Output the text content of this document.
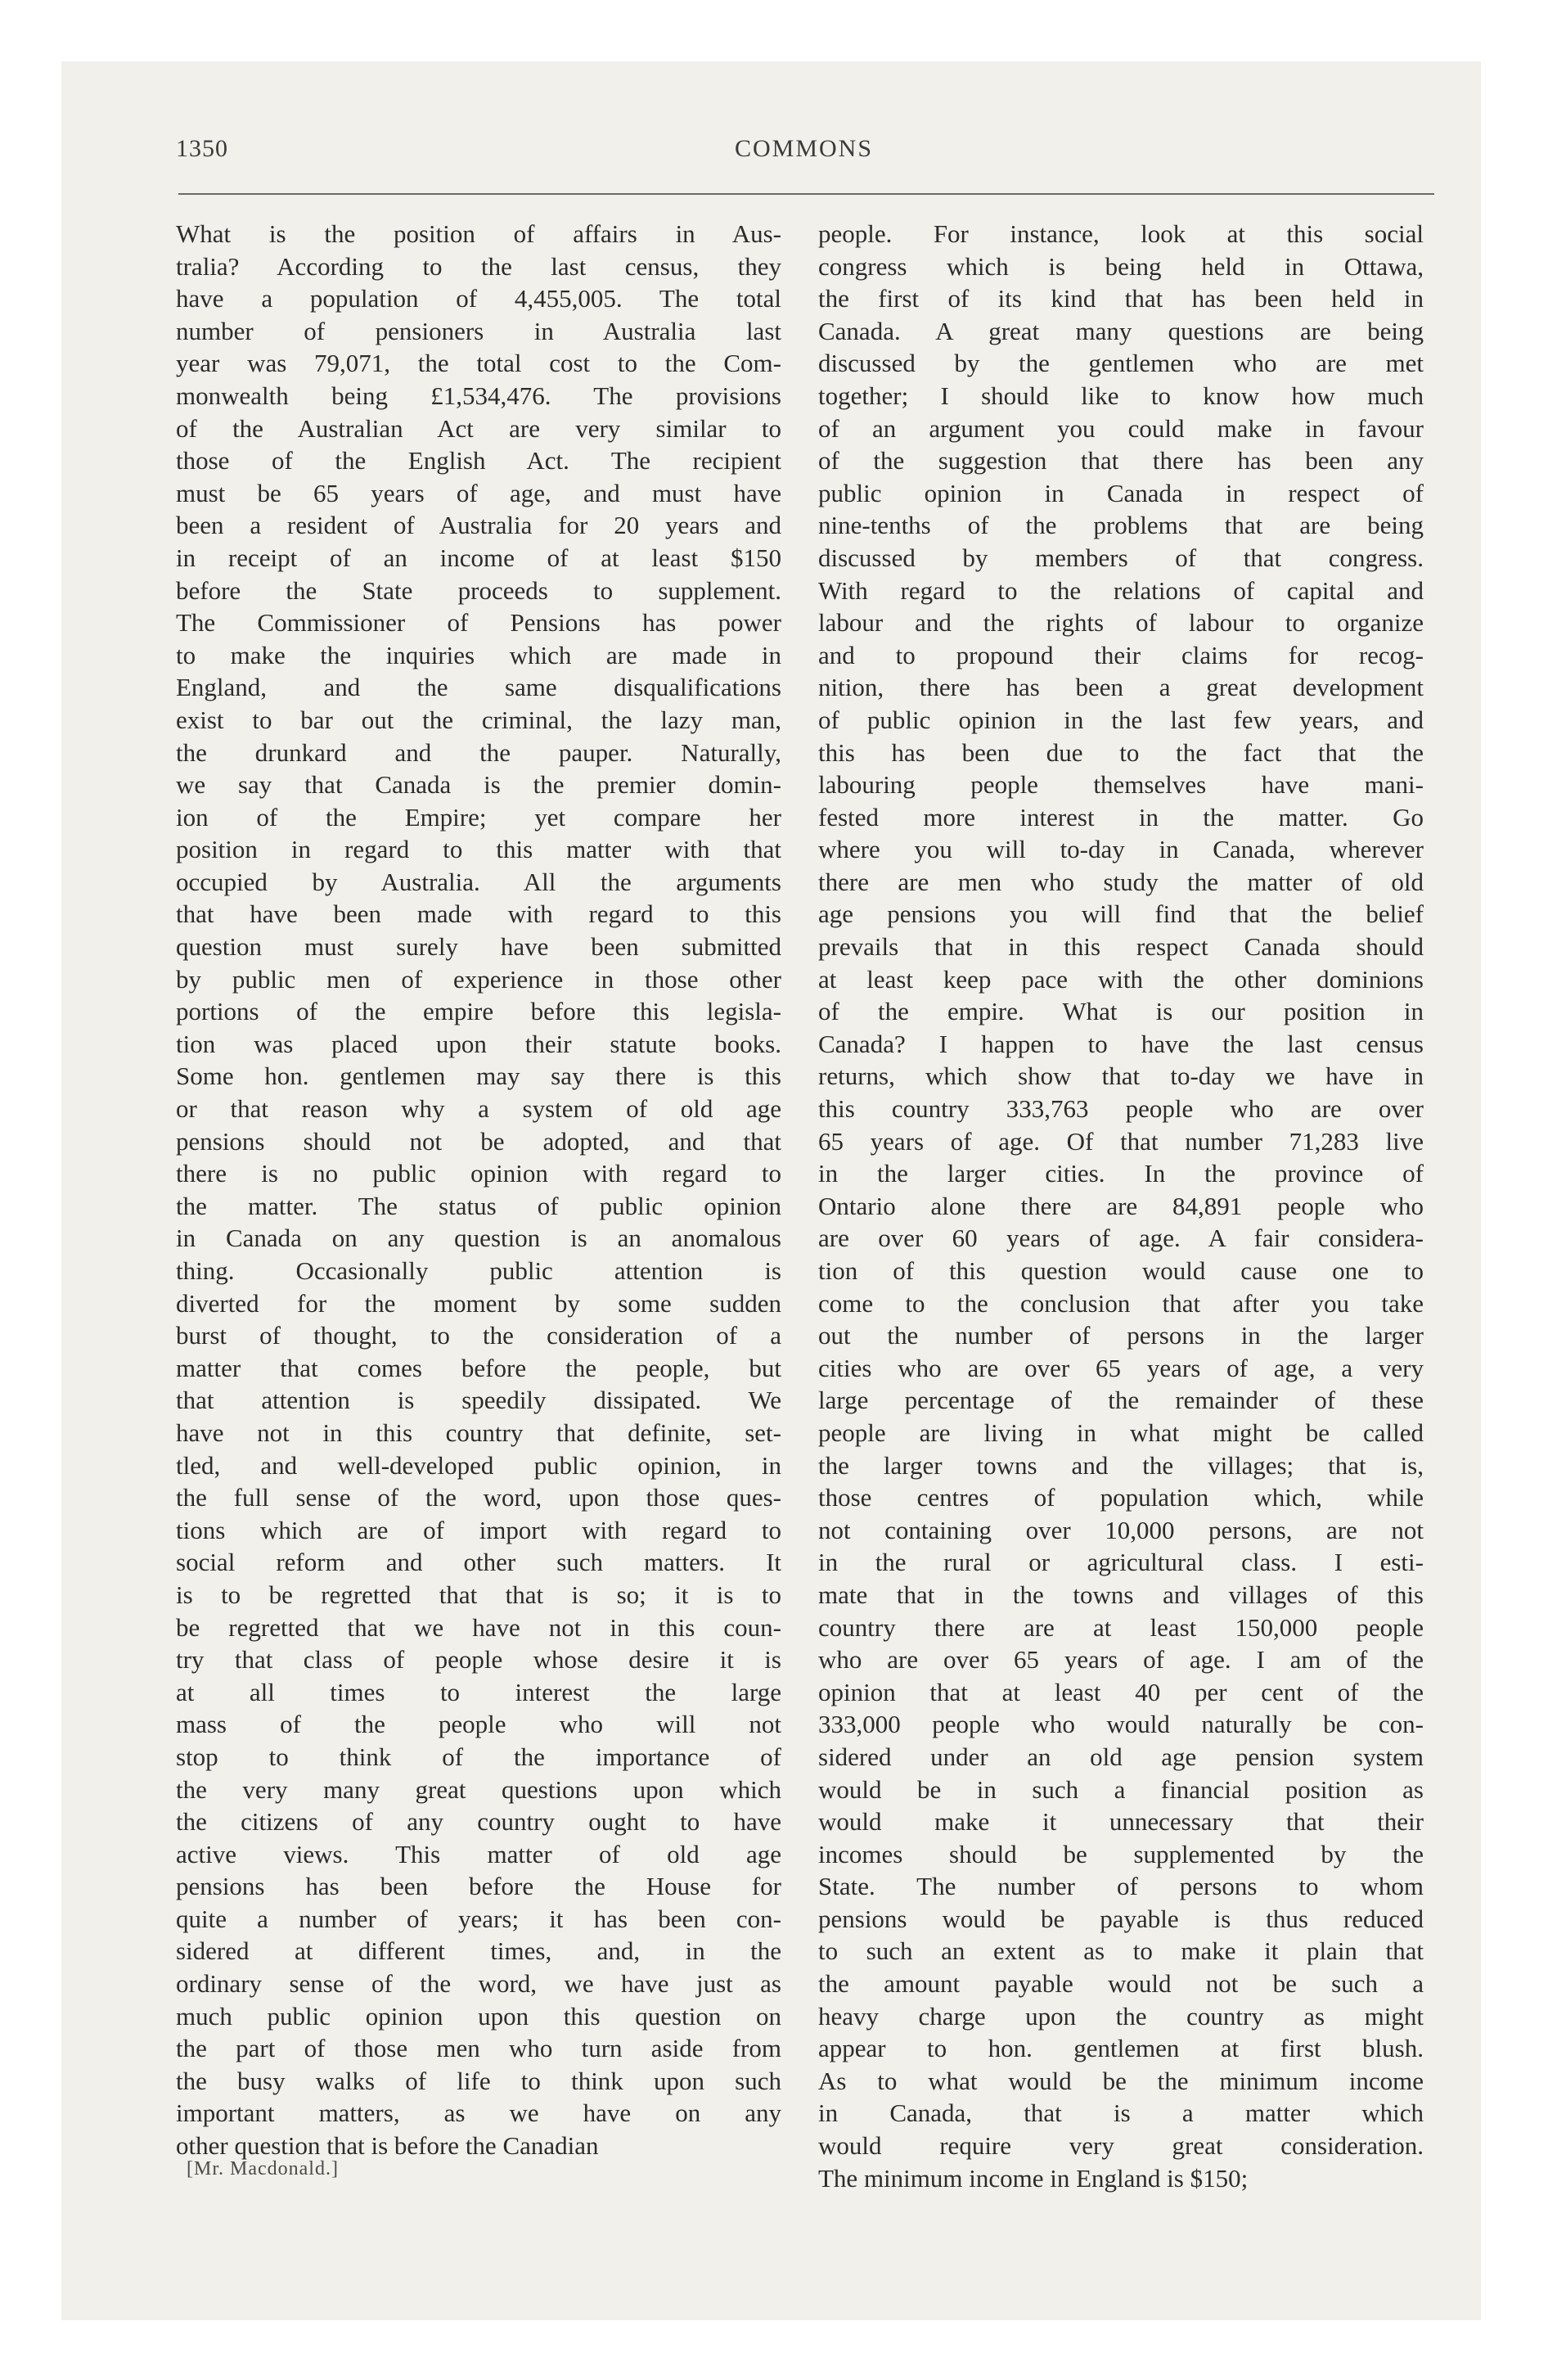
1350	COMMONS
What is the position of affairs in Aus-
tralia? According to the last census, they
have a population of 4,455,005. The total
number of pensioners in Australia last
year was 79,071, the total cost to the Com-
monwealth being £1,534,476. The provisions
of the Australian Act are very similar to
those of the English Act. The recipient
must be 65 years of age, and must have
been a resident of Australia for 20 years and
in receipt of an income of at least $150
before the State proceeds to supplement.
The Commissioner of Pensions has power
to make the inquiries which are made in
England, and the same disqualifications
exist to bar out the criminal, the lazy man,
the drunkard and the pauper. Naturally,
we say that Canada is the premier domin-
ion of the Empire; yet compare her
position in regard to this matter with that
occupied by Australia. All the arguments
that have been made with regard to this
question must surely have been submitted
by public men of experience in those other
portions of the empire before this legisla-
tion was placed upon their statute books.
Some hon. gentlemen may say there is this
or that reason why a system of old age
pensions should not be adopted, and that
there is no public opinion with regard to
the matter. The status of public opinion
in Canada on any question is an anomalous
thing. Occasionally public attention is
diverted for the moment by some sudden
burst of thought, to the consideration of a
matter that comes before the people, but
that attention is speedily dissipated. We
have not in this country that definite, set-
tled, and well-developed public opinion, in
the full sense of the word, upon those ques-
tions which are of import with regard to
social reform and other such matters. It
is to be regretted that that is so; it is to
be regretted that we have not in this coun-
try that class of people whose desire it is
at all times to interest the large
mass of the people who will not
stop to think of the importance of
the very many great questions upon which
the citizens of any country ought to have
active views. This matter of old age
pensions has been before the House for
quite a number of years; it has been con-
sidered at different times, and, in the
ordinary sense of the word, we have just as
much public opinion upon this question on
the part of those men who turn aside from
the busy walks of life to think upon such
important matters, as we have on any
other question that is before the Canadian
people. For instance, look at this social
congress which is being held in Ottawa,
the first of its kind that has been held in
Canada. A great many questions are being
discussed by the gentlemen who are met
together; I should like to know how much
of an argument you could make in favour
of the suggestion that there has been any
public opinion in Canada in respect of
nine-tenths of the problems that are being
discussed by members of that congress.
With regard to the relations of capital and
labour and the rights of labour to organize
and to propound their claims for recog-
nition, there has been a great development
of public opinion in the last few years, and
this has been due to the fact that the
labouring people themselves have mani-
fested more interest in the matter. Go
where you will to-day in Canada, wherever
there are men who study the matter of old
age pensions you will find that the belief
prevails that in this respect Canada should
at least keep pace with the other dominions
of the empire. What is our position in
Canada? I happen to have the last census
returns, which show that to-day we have in
this country 333,763 people who are over
65 years of age. Of that number 71,283 live
in the larger cities. In the province of
Ontario alone there are 84,891 people who
are over 60 years of age. A fair considera-
tion of this question would cause one to
come to the conclusion that after you take
out the number of persons in the larger
cities who are over 65 years of age, a very
large percentage of the remainder of these
people are living in what might be called
the larger towns and the villages; that is,
those centres of population which, while
not containing over 10,000 persons, are not
in the rural or agricultural class. I esti-
mate that in the towns and villages of this
country there are at least 150,000 people
who are over 65 years of age. I am of the
opinion that at least 40 per cent of the
333,000 people who would naturally be con-
sidered under an old age pension system
would be in such a financial position as
would make it unnecessary that their
incomes should be supplemented by the
State. The number of persons to whom
pensions would be payable is thus reduced
to such an extent as to make it plain that
the amount payable would not be such a
heavy charge upon the country as might
appear to hon. gentlemen at first blush.
As to what would be the minimum income
in Canada, that is a matter which
would require very great consideration.
The minimum income in England is $150;
[Mr. Macdonald.]
